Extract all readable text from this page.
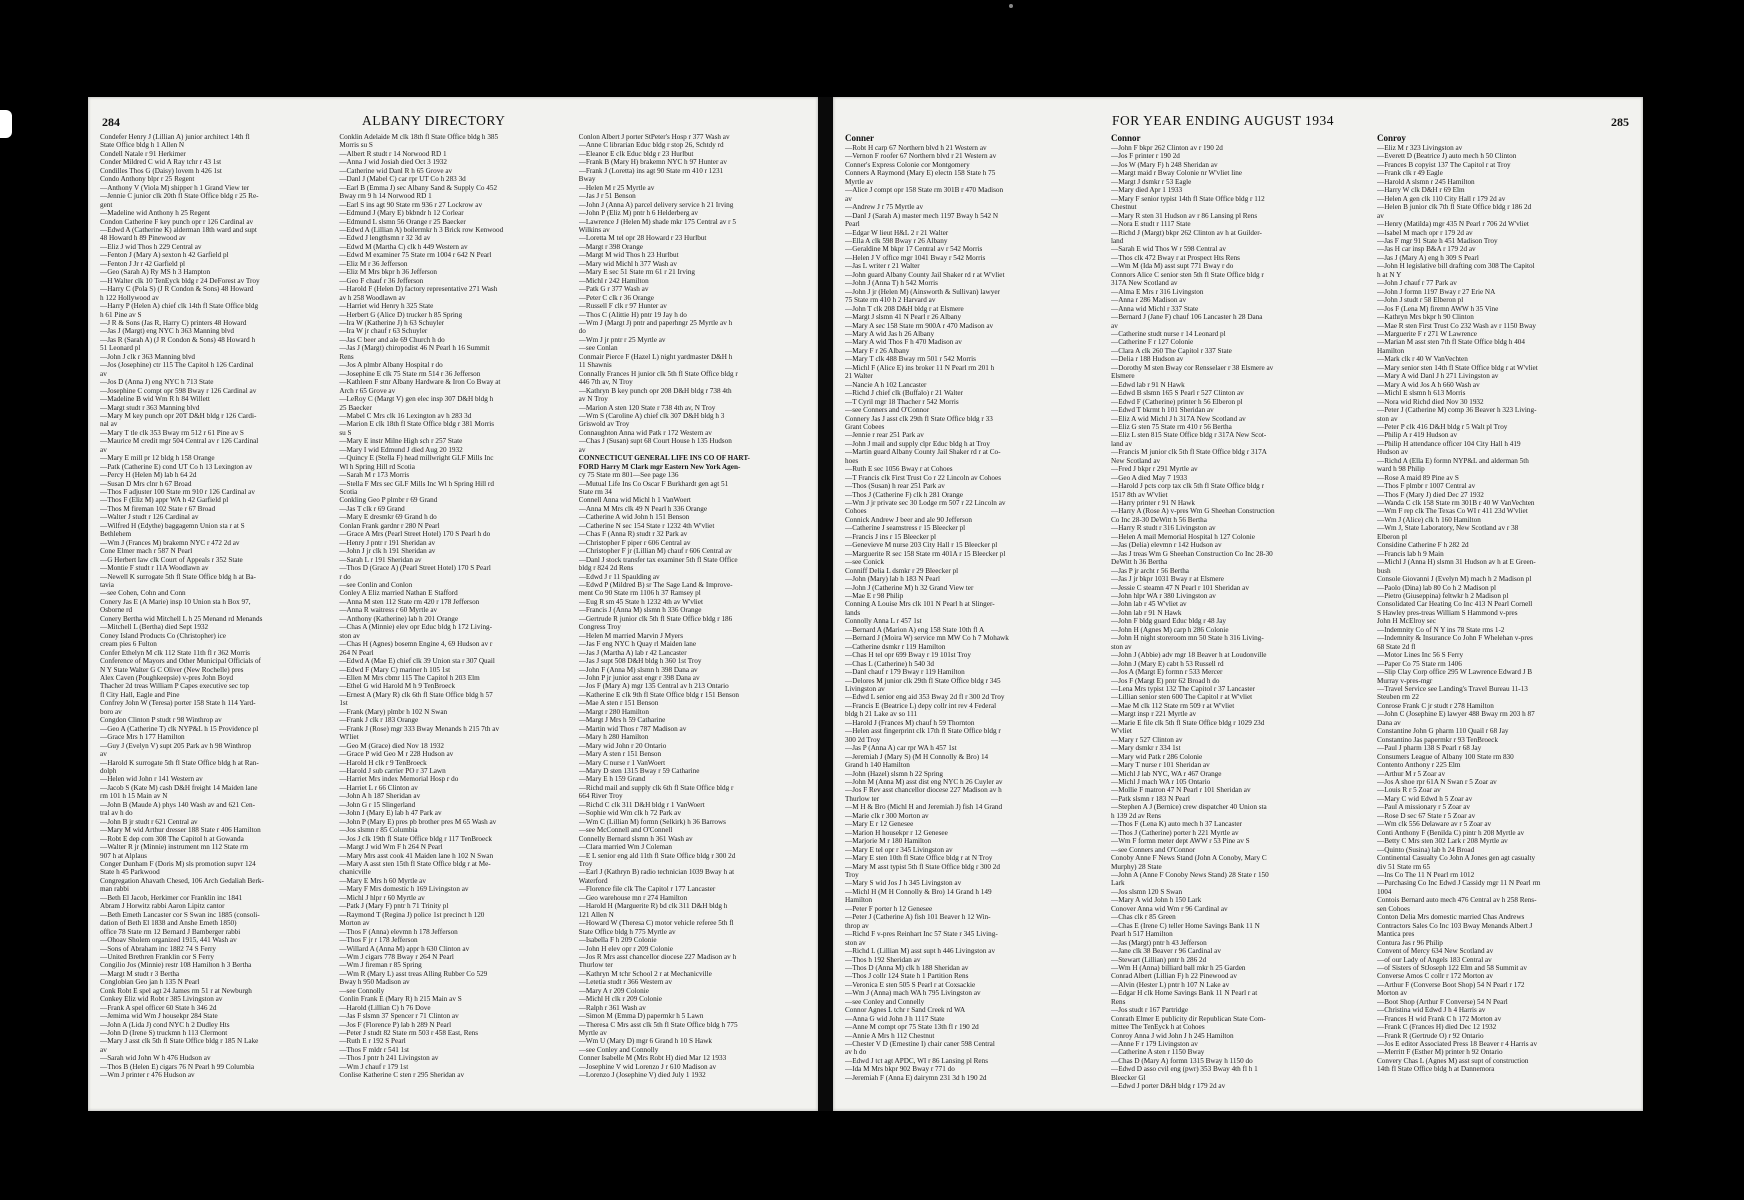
284	ALBANY DIRECTORY
Condefer Henry J (Lillian A) junior architect 14th fl
State Office bldg h 1 Allen N
Condell Natale r 91 Herkimer
Conder Mildred C wid A Ray tchr r 43 1st
Condilles Thos G (Daisy) lovem h 426 1st
Condo Anthony blpr r 25 Regent
—Anthony V (Viola M) shipper h 1 Grand View ter
—Jennie C junior clk 20th fl State Office bldg r 25 Re-
gent
—Madeline wid Anthony h 25 Regent
Condon Catherine F key punch opr r 126 Cardinal av
—Edwd A (Catherine K) alderman 18th ward and supt
48 Howard h 89 Pinewood av
—Eliz J wid Thos h 229 Central av
—Fenton J (Mary A) sexton h 42 Garfield pl
—Fenton J Jr r 42 Garfield pl
—Geo (Sarah A) Ry MS h 3 Hampton
—H Walter clk 10 TenEyck bldg r 24 DeForest av Troy
—Harry C (Pola S) (J R Condon & Sons) 48 Howard
h 122 Hollywood av
—Harry P (Helen A) chief clk 14th fl State Office bldg
h 61 Pine av S
—J R & Sons (Jas R, Harry C) printers 48 Howard
—Jas J (Margt) eng NYC h 363 Manning blvd
—Jas R (Sarah A) (J R Condon & Sons) 48 Howard h
51 Leonard pl
—John J clk r 363 Manning blvd
—Jos (Josephine) ctr 115 The Capitol h 126 Cardinal
av
—Jos D (Anna J) eng NYC h 713 State
—Josephine C compt opr 598 Bway r 126 Cardinal av
—Madeline B wid Wm R h 84 Willett
—Margt studt r 363 Manning blvd
—Mary M key punch opr 20T D&H bldg r 126 Cardi-
nal av
—Mary T tle clk 353 Bway rm 512 r 61 Pine av S
—Maurice M credit mgr 504 Central av r 126 Cardinal
av
—Mary E mill pr 12 bldg h 158 Orange
—Patk (Catherine E) cond UT Co h 13 Lexington av
—Percy H (Helen M) lab h 64 2d
—Susan D Mrs clnr h 67 Broad
—Thos F adjuster 100 State rm 910 r 126 Cardinal av
—Thos F (Eliz M) appr WA h 42 Garfield pl
—Thos M fireman 102 State r 67 Broad
—Walter J studt r 126 Cardinal av
—Wilfred H (Edythe) baggagemn Union sta r at S
Bethlehem
—Wm J (Frances M) brakemn NYC r 472 2d av
Cone Elmer mach r 587 N Pearl
—G Herbert law clk Court of Appeals r 352 State
—Montie F studt r 11A Woodlawn av
—Newell K surrogate 5th fl State Office bldg h at Ba-
tavia
—see Cohen, Cohn and Conn
Conery Jas E (A Marie) insp 10 Union sta h Box 97,
Osborne rd
Conery Bertha wid Mitchell L h 25 Menand rd Menands
—Mitchell L (Bertha) died Sept 1932
Coney Island Products Co (Christopher) ice
cream pies 6 Fulton
Confer Ethelyn M clk 112 State 11th fl r 362 Morris
Conference of Mayors and Other Municipal Officials of
N Y State Walter G C Oliver (New Rochelle) pres
Alex Caven (Poughkeepsie) v-pres John Boyd
Thacher 2d treas William P Capes executive sec top
fl City Hall, Eagle and Pine
Confrey John W (Teresa) porter 158 State h 114 Yard-
boro av
Congdon Clinton P studt r 98 Winthrop av
—Geo A (Catherine T) clk NYP&L h 15 Providence pl
—Grace Mrs h 177 Hamilton
—Guy J (Evelyn V) supt 205 Park av h 98 Winthrop
av
—Harold K surrogate 5th fl State Office bldg h at Ran-
dolph
—Helen wid John r 141 Western av
—Jacob S (Kate M) cash D&H freight 14 Maiden lane
rm 101 h 15 Main av N
—John B (Maude A) phys 140 Wash av and 621 Cen-
tral av h do
—John B jr studt r 621 Central av
—Mary M wid Arthur dresser 188 State r 406 Hamilton
—Robt E dep com 308 The Capitol h at Gowanda
—Walter R jr (Minnie) instrument mn 112 State rm
907 h at Alplaus
Conger Dunham F (Doris M) sls promotion supvr 124
State h 45 Parkwood
Congregation Ahavath Chesed, 106 Arch Gedaliah Berk-
man rabbi
—Beth El Jacob, Herkimer cor Franklin inc 1841
Abram J Horwitz rabbi Aaron Lipitz cantor
—Beth Emeth Lancaster cor S Swan inc 1885 (consoli-
dation of Beth El 1838 and Anshe Emeth 1850)
office 78 State rm 12 Bernard J Bamberger rabbi
—Ohoav Sholem organized 1915, 441 Wash av
—Sons of Abraham inc 1882 74 S Ferry
—United Brethren Franklin cor S Ferry
Congilio Jos (Minnie) restr 108 Hamilton h 3 Bertha
—Margt M studt r 3 Bertha
Conglobian Geo jan h 135 N Pearl
Conk Robt E spel agt 24 James rm 51 r at Newburgh
Conkey Eliz wid Robt r 385 Livingston av
—Frank A spel officer 60 State h 346 2d
—Jemima wid Wm J housekpr 284 State
—John A (Lida J) cond NYC h 2 Dudley Hts
—John D (Irene S) truckmn h 113 Clermont
—Mary J asst clk 5th fl State Office bldg r 185 N Lake
av
—Sarah wid John W h 476 Hudson av
—Thos B (Helen E) cigars 76 N Pearl h 99 Columbia
—Wm J printer r 476 Hudson av
Conklin Adelaide M clk 18th fl State Office bldg h 385
Morris su S
—Albert R studt r 14 Norwood RD 1
—Anna J wid Josiah died Oct 3 1932
—Catherine wid Danl R h 65 Grove av
—Danl J (Mabel C) car rpr UT Co h 283 3d
—Earl B (Emma J) sec Albany Sand & Supply Co 452
Bway rm 9 h 14 Norwood RD 1
—Earl S ins agt 90 State rm 936 r 27 Lockrow av
—Edmund J (Mary E) bkbndr h 12 Corlear
—Edmund L slsmn 56 Orange r 25 Baecker
—Edwd A (Lillian A) boilermkr h 3 Brick row Kenwood
—Edwd J lengthsmn r 32 3d av
—Edwd M (Martha C) clk h 449 Western av
—Edwd M examiner 75 State rm 1004 r 642 N Pearl
—Eliz M r 36 Jefferson
—Eliz M Mrs bkpr h 36 Jefferson
—Geo F chauf r 36 Jefferson
—Harold F (Helen D) factory representative 271 Wash
av h 258 Woodlawn av
—Harriet wid Henry h 325 State
—Herbert G (Alice D) trucker h 85 Spring
—Ira W (Katherine J) h 63 Schuyler
—Ira W jr chauf r 63 Schuyler
—Jas C beer and ale 69 Church h do
—Jas J (Margt) chiropodist 46 N Pearl h 16 Summit
Rens
—Jos A plmbr Albany Hospital r do
—Josephine E clk 75 State rm 514 r 36 Jefferson
—Kathleen F stnr Albany Hardware & Iron Co Bway at
Arch r 65 Grove av
—LeRoy C (Margt V) gen elec insp 307 D&H bldg h
25 Baecker
—Mabel C Mrs clk 16 Lexington av h 283 3d
—Marion E clk 18th fl State Office bldg r 381 Morris
su S
—Mary E instr Milne High sch r 257 State
—Mary I wid Edmund J died Aug 20 1932
—Quincy E (Stella F) head millwright GLF Mills Inc
Wl h Spring Hill rd Scotia
—Sarah M r 173 Morris
—Stella F Mrs sec GLF Mills Inc Wl h Spring Hill rd
Scotia
Conkling Geo P plmbr r 69 Grand
—Jas T clk r 69 Grand
—Mary E dresmkr 69 Grand h do
Conlan Frank gardnr r 280 N Pearl
—Grace A Mrs (Pearl Street Hotel) 170 S Pearl h do
—Henry J pntr r 191 Sheridan av
—John J jr clk h 191 Sheridan av
—Sarah L r 191 Sheridan av
—Thos D (Grace A) (Pearl Street Hotel) 170 S Pearl
r do
—see Conlin and Conlon
Conley A Eliz married Nathan E Stafford
—Anna M sten 112 State rm 420 r 178 Jefferson
—Anna R waitress r 60 Myrtle av
—Anthony (Katherine) lab h 201 Orange
—Chas A (Minnie) elev opr Educ bldg h 172 Living-
ston av
—Chas H (Agnes) bosemn Engine 4, 69 Hudson av r
264 N Pearl
—Edwd A (Mae E) chief clk 39 Union sta r 307 Quail
—Edwd F (Mary C) mariner h 105 1st
—Ellen M Mrs cbmr 115 The Capitol h 203 Elm
—Ethel G wid Harold M h 9 TenBroeck
—Ernest A (Mary R) clk 6th fl State Office bldg h 57
1st
—Frank (Mary) plmbr h 102 N Swan
—Frank J clk r 183 Orange
—Frank J (Rose) mgr 333 Bway Menands h 215 7th av
Wl'liet
—Geo M (Grace) died Nov 18 1932
—Grace P wid Geo M r 228 Hudson av
—Harold H clk r 9 TenBroeck
—Harold J sub carrier PO r 37 Lawn
—Harriet Mrs index Memorial Hosp r do
—Harriet L r 66 Clinton av
—John A h 187 Sheridan av
—John G r 15 Slingerland
—John J (Mary E) lab h 47 Park av
—John P (Mary E) pres pb brother pres M 65 Wash av
—Jos slsmn r 85 Columbia
—Jos J clk 19th fl State Office bldg r 117 TenBroeck
—Margt J wid Wm F h 264 N Pearl
—Mary Mrs asst cook 41 Maiden lane h 102 N Swan
—Mary A asst sten 15th fl State Office bldg r at Me-
chanicville
—Mary E Mrs h 60 Myrtle av
—Mary F Mrs domestic h 169 Livingston av
—Michl J hlpr r 60 Myrtle av
—Patk J (Mary F) pntr h 71 Trinity pl
—Raymond T (Regina J) police 1st precinct h 120
Morton av
—Thos F (Anna) elevmn h 178 Jefferson
—Thos F jr r 178 Jefferson
—Willard A (Anna M) appr h 630 Clinton av
—Wm J cigars 778 Bway r 264 N Pearl
—Wm J fireman r 85 Spring
—Wm R (Mary L) asst treas Alling Rubber Co 529
Bway h 950 Madison av
—see Connolly
Conlin Frank E (Mary R) h 215 Main av S
—Harold (Lillian C) h 76 Dove
—Jas F slsmn 37 Spencer r 71 Clinton av
—Jos F (Florence P) lab h 289 N Pearl
—Peter J studt 82 State rm 503 r 458 East, Rens
—Ruth E r 192 S Pearl
—Thos F mldr r 541 1st
—Thos J pntr h 241 Livingston av
—Wm J chauf r 179 1st
Conlise Katherine C sten r 295 Sheridan av
Conlon Albert J porter StPeter's Hosp r 377 Wash av
—Anne C librarian Educ bldg r stop 26, Schtdy rd
—Eleanor E clk Educ bldg r 23 Hurlbut
—Frank B (Mary H) brakemn NYC h 97 Hunter av
—Frank J (Loretta) ins agt 90 State rm 410 r 1231
Bway
—Helen M r 25 Myrtle av
—Jas J r 51 Benson
—John J (Anna A) parcel delivery service h 21 Irving
—John P (Eliz M) pntr h 6 Helderberg av
—Lawrence J (Helen M) shade mkr 175 Central av r 5
Wilkins av
—Loretta M tel opr 28 Howard r 23 Hurlbut
—Margt r 398 Orange
—Margt M wid Thos h 23 Hurlbut
—Mary wid Michl h 377 Wash av
—Mary E sec 51 State rm 61 r 21 Irving
—Michl r 242 Hamilton
—Patk G r 377 Wash av
—Peter C clk r 36 Orange
—Russell F clk r 97 Hunter av
—Thos C (Alittie H) pntr 19 Jay h do
—Wm J (Margt J) pntr and paperhngr 25 Myrtle av h
do
—Wm J jr pntr r 25 Myrtle av
—see Conlan
Conmair Pierce F (Hazel L) night yardmaster D&H h
11 Shawnis
Connally Frances H junior clk 5th fl State Office bldg r
446 7th av, N Troy
—Kathryn B key punch opr 208 D&H bldg r 738 4th
av N Troy
—Marion A sten 120 State r 738 4th av, N Troy
—Wm S (Caroline A) chief clk 307 D&H bldg h 3
Griswold av Troy
Connaughton Anna wid Patk r 172 Western av
—Chas J (Susan) supt 68 Court House h 135 Hudson
av
CONNECTICUT GENERAL LIFE INS CO OF HART-
FORD Harry M Clark mgr Eastern New York Agen-
cy 75 State rm 801—See page 136
—Mutual Life Ins Co Oscar F Burkhardt gen agt 51
State rm 34
Connell Anna wid Michl h 1 VanWoert
—Anna M Mrs clk 49 N Pearl h 336 Orange
—Catherine A wid John h 151 Benson
—Catherine N sec 154 State r 1232 4th W'vliet
—Chas F (Anna R) studt r 32 Park av
—Christopher F piper r 606 Central av
—Christopher F jr (Lillian M) chauf r 606 Central av
—Danl J stock transfer tax examiner 5th fl State Office
bldg r 824 2d Rens
—Edwd J r 11 Spaulding av
—Edwd P (Mildred B) sr The Sage Land & Improve-
ment Co 90 State rm 1106 h 37 Ramsey pl
—Eug R sm 45 State h 1232 4th av W'vliet
—Francis J (Anna M) slsmn h 336 Orange
—Gertrude R junior clk 5th fl State Office bldg r 186
Congress Troy
—Helen M married Marvin J Myers
—Jas F eng NYC h Quay rl Maiden lane
—Jas J (Martha A) lab r 42 Lancaster
—Jas J supt 508 D&H bldg h 360 1st Troy
—John F (Anna M) slsmn h 398 Dana av
—John P jr junior asst engr r 398 Dana av
—Jos F (Mary A) mgr 135 Central av h 213 Ontario
—Katherine E clk 9th fl State Office bldg r 151 Benson
—Mae A sten r 151 Benson
—Margt r 280 Hamilton
—Margt J Mrs h 59 Catharine
—Martin wid Thos r 787 Madison av
—Mary h 280 Hamilton
—Mary wid John r 20 Ontario
—Mary A sten r 151 Benson
—Mary C nurse r 1 VanWoert
—Mary D sten 1315 Bway r 59 Catharine
—Mary E h 159 Grand
—Richd mail and supply clk 6th fl State Office bldg r
664 River Troy
—Richd C clk 311 D&H bldg r 1 VanWoert
—Sophie wid Wm clk h 72 Park av
—Wm C (Lillian M) formn (Selkirk) h 36 Barrows
—see McConnell and O'Connell
Connelly Bernard slsmn h 361 Wash av
—Clara married Wm J Coleman
—E L senior eng ald 11th fl State Office bldg r 300 2d
Troy
—Earl J (Kathryn B) radio technician 1039 Bway h at
Waterford
—Florence file clk The Capitol r 177 Lancaster
—Geo warehouse mn r 274 Hamilton
—Harold H (Marguerite R) bd clk 311 D&H bldg h
121 Allen N
—Howard W (Theresa C) motor vehicle referee 5th fl
State Office bldg h 775 Myrtle av
—Isabella F h 209 Colonie
—John H elev opr r 209 Colonie
—Jos R Mrs asst chancellor diocese 227 Madison av h
Thurlow ter
—Kathryn M tchr School 2 r at Mechanicville
—Letetia studt r 366 Western av
—Mary A r 209 Colonie
—Michl H clk r 209 Colonie
—Ralph r 361 Wash av
—Simon M (Emma D) papermkr h 5 Lawn
—Theresa C Mrs asst clk 5th fl State Office bldg h 775
Myrtle av
—Wm U (Mary D) mgr 6 Grand h 10 S Hawk
—see Conley and Connolly
Conner Isabelle M (Mrs Robt H) died Mar 12 1933
—Josephine V wid Lorenzo J r 610 Madison av
—Lorenzo J (Josephine V) died July 1 1932
FOR YEAR ENDING AUGUST 1934	285
Conner
—Robt H carp 67 Northern blvd h 21 Western av
—Vernon F roofer 67 Northern blvd r 21 Western av
Conner's Express Colonie cor Montgomery
Conners A Raymond (Mary E) electn 158 State h 75
Myrtle av
—Alice J compt opr 158 State rm 301B r 470 Madison
av
—Andrew J r 75 Myrtle av
—Danl J (Sarah A) master mech 1197 Bway h 542 N
Pearl
—Edgar W lieut H&L 2 r 21 Walter
—Ella A clk 598 Bway r 26 Albany
—Geraldine M bkpr 17 Central av r 542 Morris
—Helen J V office mgr 1041 Bway r 542 Morris
—Jas L writer r 21 Walter
—John guard Albany County Jail Shaker rd r at W'vliet
—John J (Anna T) h 542 Morris
—John J jr (Helen M) (Ainsworth & Sullivan) lawyer
75 State rm 410 h 2 Harvard av
—John T clk 208 D&H bldg r at Elsmere
—Margt J slsmn 41 N Pearl r 26 Albany
—Mary A sec 158 State rm 900A r 470 Madison av
—Mary A wid Jas h 26 Albany
—Mary A wid Thos F h 470 Madison av
—Mary F r 26 Albany
—Mary T clk 488 Bway rm 501 r 542 Morris
—Michl F (Alice E) ins broker 11 N Pearl rm 201 h
21 Walter
—Nancie A h 102 Lancaster
—Richd J chief clk (Buffalo) r 21 Walter
—T Cyril mgr 18 Thacher r 542 Morris
—see Conners and O'Connor
Connery Jas J asst clk 29th fl State Office bldg r 33
Grant Cobees
—Jennie r rear 251 Park av
—John J mail and supply clpr Educ bldg h at Troy
—Martin guard Albany County Jail Shaker rd r at Co-
hoes
—Ruth E sec 1056 Bway r at Cohoes
—T Francis clk First Trust Co r 22 Lincoln av Cohoes
—Thos (Susan) h rear 251 Park av
—Thos J (Catherine F) clk h 281 Orange
—Wm J jr private sec 30 Lodge rm 507 r 22 Lincoln av
Cohoes
Connick Andrew J beer and ale 90 Jefferson
—Catherine J seamstress r 15 Bleecker pl
—Francis J ins r 15 Bleecker pl
—Genevieve M nurse 203 City Hall r 15 Bleecker pl
—Marguerite R sec 158 State rm 401A r 15 Bleecker pl
—see Conick
Conniff Delia L dsmkr r 29 Bleecker pl
—John (Mary) lab h 183 N Pearl
—John J (Catherine M) h 32 Grand View ter
—Mae E r 98 Philip
Conning A Louise Mrs clk 101 N Pearl h at Slinger-
lands
Connolly Anna L r 457 1st
—Bernard A (Marion A) eng 158 State 10th fl A
—Bernard J (Moira W) service mn MW Co h 7 Mohawk
—Catherine dsmkr r 119 Hamilton
—Chas H tel opr 699 Bway r 19 101st Troy
—Chas L (Catherine) h 540 3d
—Danl chauf r 179 Bway r 119 Hamilton
—Delores M junior clk 29th fl State Office bldg r 345
Livingston av
—Edwd L senior eng aid 353 Bway 2d fl r 300 2d Troy
—Francis E (Beatrice L) depy collr int rev 4 Federal
bldg h 21 Lake av so 111
—Harold J (Frances M) chauf h 59 Thornton
—Helen asst fingerprint clk 17th fl State Office bldg r
300 2d Troy
—Jas P (Anna A) car rpr WA h 457 1st
—Jeremiah J (Mary S) (M H Connolly & Bro) 14
Grand h 140 Hamilton
—John (Hazel) slsmn h 22 Spring
—John M (Anna M) asst dist eng NYC h 26 Cuyler av
—Jos F Rev asst chancellor diocese 227 Madison av h
Thurlow ter
—M H & Bro (Michl H and Jeremiah J) fish 14 Grand
—Marie clk r 300 Morton av
—Mary E r 12 Genesee
—Marion H housekpr r 12 Genesee
—Marjorie M r 180 Hamilton
—Mary E tel opr r 345 Livingston av
—Mary E sten 10th fl State Office bldg r at N Troy
—Mary M asst typist 5th fl State Office bldg r 300 2d
Troy
—Mary S wid Jos J h 345 Livingston av
—Michl H (M H Connolly & Bro) 14 Grand h 149
Hamilton
—Peter F porter h 12 Genesee
—Peter J (Catherine A) fish 101 Beaver h 12 Win-
throp av
—Richd F v-pres Reinhart Inc 57 State r 345 Living-
ston av
—Richd L (Lillian M) asst supt h 446 Livingston av
—Thos h 192 Sheridan av
—Thos D (Anna M) clk h 188 Sheridan av
—Thos J collr 124 State h 1 Partition Rens
—Veronica E sten 505 S Pearl r at Coxsackie
—Wm J (Anna) mach WA h 795 Livingston av
—see Conley and Connelly
Connor Agnes L tchr r Sand Creek rd WA
—Anna G wid John J h 1117 State
—Anne M compt opr 75 State 13th fl r 190 2d
—Annie A Mrs h 112 Chestnut
—Chester V D (Ernestine I) chair caner 598 Central
av h do
—Edwd J tct agt APDC, WI r 86 Lansing pl Rens
—Ida M Mrs bkpr 902 Bway r 771 do
—Jeremiah F (Anna E) dairymn 231 3d h 190 2d
Connor
—John F bkpr 262 Clinton av r 190 2d
—Jos F printer r 190 2d
—Jos W (Mary F) h 248 Sheridan av
—Margt maid r Bway Colonie nr W'vliet line
—Margt J dsmkr r 53 Eagle
—Mary died Apr 1 1933
—Mary F senior typist 14th fl State Office bldg r 112
Chestnut
—Mary R sten 31 Hudson av r 86 Lansing pl Rens
—Nora E studt r 1117 State
—Richd J (Margt) bkpr 262 Clinton av h at Guilder-
land
—Sarah E wid Thos W r 598 Central av
—Thos clk 472 Bway r at Prospect Hts Rens
—Wm M (Ida M) asst supt 771 Bway r do
Connors Alice C senior sten 5th fl State Office bldg r
317A New Scotland av
—Alma E Mrs r 316 Livingston
—Anna r 286 Madison av
—Anna wid Michl r 337 State
—Bernard J (Jane F) chauf 106 Lancaster h 28 Dana
av
—Catherine studt nurse r 14 Leonard pl
—Catherine F r 127 Colonie
—Clara A clk 260 The Capitol r 337 State
—Delia r 188 Hudson av
—Dorothy M sten Bway cor Rensselaer r 38 Elsmere av
Elsmere
—Edwd lab r 91 N Hawk
—Edwd B slsmn 165 S Pearl r 527 Clinton av
—Edwd F (Catherine) printer h 56 Elberon pl
—Edwd T bkrmt h 101 Sheridan av
—Eliz A wid Michl J h 317A New Scotland av
—Eliz G sten 75 State rm 410 r 56 Bertha
—Eliz L sten 815 State Office bldg r 317A New Scot-
land av
—Francis M junior clk 5th fl State Office bldg r 317A
New Scotland av
—Fred J bkpr r 291 Myrtle av
—Geo A died May 7 1933
—Harold J pcts corp tax clk 5th fl State Office bldg r
1517 8th av W'vliet
—Harry printer r 91 N Hawk
—Harry A (Rose A) v-pres Wm G Sheehan Construction
Co Inc 28-30 DeWitt h 56 Bertha
—Harry R studt r 316 Livingston av
—Helen A mail Memorial Hospital h 127 Colonie
—Jas (Delia) elevmn r 142 Hudson av
—Jas J treas Wm G Sheehan Construction Co Inc 28-30
DeWitt h 36 Bertha
—Jas P jr archt r 56 Bertha
—Jas J jr bkpr 1031 Bway r at Elsmere
—Jessie C steamn 47 N Pearl r 101 Sheridan av
—John hlpr WA r 380 Livingston av
—John lab r 45 W'vliet av
—John lab r 91 N Hawk
—John F bldg guard Educ bldg r 48 Jay
—John H (Agnes M) carp h 286 Colonie
—John H night storeroom mn 50 State h 316 Living-
ston av
—John J (Abbie) adv mgr 18 Beaver h at Loudonville
—John J (Mary E) cabt h 53 Russell rd
—Jos A (Margt E) formn r 533 Mercer
—Jos F (Margt E) pntr 62 Broad h do
—Lena Mrs typist 132 The Capitol r 37 Lancaster
—Lillian senior sten 600 The Capitol r at W'vliet
—Mae M clk 112 State rm 509 r at W'vliet
—Margt insp r 221 Myrtle av
—Marie E file clk 5th fl State Office bldg r 1029 23d
W'vliet
—Mary r 527 Clinton av
—Mary dsmkr r 334 1st
—Mary wid Patk r 286 Colonie
—Mary T nurse r 101 Sheridan av
—Michl J lab NYC, WA r 467 Orange
—Michl J mach WA r 105 Ontario
—Mollie F matron 47 N Pearl r 101 Sheridan av
—Patk slsmn r 183 N Pearl
—Stephen A J (Bernice) crew dispatcher 40 Union sta
h 139 2d av Rens
—Thos F (Lena K) auto mech h 37 Lancaster
—Thos J (Catherine) porter h 221 Myrtle av
—Wm F formn meter dept AWW r 53 Pine av S
—see Conners and O'Connor
Conoby Anne F News Stand (John A Conoby, Mary C
Murphy) 28 State
—John A (Anne F Conoby News Stand) 28 State r 150
Lark
—Jos slsmn 120 S Swan
—Mary A wid John h 150 Lark
Conover Anna wid Wm r 96 Cardinal av
—Chas clk r 85 Green
—Chas E (Irene C) teller Home Savings Bank 11 N
Pearl h 517 Hamilton
—Jas (Margt) pntr h 43 Jefferson
—Jane clk 38 Beaver r 96 Cardinal av
—Stewart (Lillian) pntr h 286 2d
—Wm H (Anna) billiard ball mkr h 25 Garden
Conrad Albert (Lillian F) h 22 Pinewood av
—Alvin (Hester L) pntr h 107 N Lake av
—Edgar H clk Home Savings Bank 11 N Pearl r at
Rens
—Jos studt r 167 Partridge
Conrath Elmer E publicity dir Republican State Com-
mittee The TenEyck h at Cohoes
Conroy Anna J wid John J h 245 Hamilton
—Anne F r 179 Livingston av
—Catherine A sten r 1150 Bway
—Chas D (Mary A) formn 1315 Bway h 1150 do
—Edwd D asso cvil eng (pwr) 353 Bway 4th fl h 1
Bleecker Gl
—Edwd J porter D&H bldg r 179 2d av
Conroy
—Eliz M r 323 Livingston av
—Everett D (Beatrice J) auto mech h 50 Clinton
—Frances B copyist 137 The Capitol r at Troy
—Frank clk r 49 Eagle
—Harold A slsmn r 245 Hamilton
—Harry W clk D&H r 69 Elm
—Helen A gen clk 110 City Hall r 179 2d av
—Helen B junior clk 7th fl State Office bldg r 186 2d
av
—Henry (Matilda) mgr 435 N Pearl r 706 2d W'vliet
—Isabel M mach opr r 179 2d av
—Jas F mgr 91 State h 451 Madison Troy
—Jas H car insp B&A r 179 2d av
—Jas J (Mary A) eng h 309 S Pearl
—John H legislative bill drafting com 308 The Capitol
h at N Y
—John J chauf r 77 Park av
—John J formn 1197 Bway r 27 Erie NA
—John J studt r 58 Elberon pl
—Jos F (Lena M) firemn AWW h 35 Vine
—Kathryn Mrs bkpr h 90 Clinton
—Mae R sten First Trust Co 232 Wash av r 1150 Bway
—Marguerite F r 271 W Lawrence
—Marian M asst sten 7th fl State Office bldg h 404
Hamilton
—Mark clk r 40 W VanVechten
—Mary senior sten 14th fl State Office bldg r at W'vliet
—Mary A wid Danl J h 271 Livingston av
—Mary A wid Jos A h 660 Wash av
—Michl E slsmn h 613 Morris
—Nora wid Richd died Nov 30 1932
—Peter J (Catherine M) comp 36 Beaver h 323 Living-
ston av
—Peter P clk 416 D&H bldg r 5 Walt pl Troy
—Philip A r 419 Hudson av
—Philip H attendance officer 104 City Hall h 419
Hudson av
—Richd A (Ella E) formn NYP&L and alderman 5th
ward h 98 Philip
—Rose A maid 89 Pine av S
—Thos F plmbr r 1007 Central av
—Thos F (Mary J) died Dec 27 1932
—Wanda C clk 158 State rm 301B r 40 W VanVechten
—Wm F rep clk The Texas Co WI r 411 23d W'vliet
—Wm J (Alice) clk h 160 Hamilton
—Wm J, State Laboratory, New Scotland av r 38
Elberon pl
Considine Catherine F h 282 2d
—Francis lab h 9 Main
—Michl J (Anna H) slsmn 31 Hudson av h at E Green-
bush
Console Giovanni J (Evelyn M) mach h 2 Madison pl
—Paolo (Dina) lab 80 Co h 2 Madison pl
—Pietro (Giuseppina) feltwkr h 2 Madison pl
Consolidated Car Heating Co Inc 413 N Pearl Cornell
S Hawley pres-treas William S Hammond v-pres
John H McElroy sec
—Indemnity Co of N Y ins 78 State rms 1-2
—Indemnity & Insurance Co John F Whelehan v-pres
68 State 2d fl
—Motor Lines Inc 56 S Ferry
—Paper Co 75 State rm 1406
—Slip Clay Corp office 295 W Lawrence Edward J B
Murray v-pres-mgr
—Travel Service see Landing's Travel Bureau 11-13
Steuben rm 22
Conrose Frank C jr studt r 278 Hamilton
—John C (Josephine E) lawyer 488 Bway rm 203 h 87
Dana av
Constantine John G pharm 110 Quail r 68 Jay
Constantino Jas papermkr r 93 TenBroeck
—Paul J pharm 138 S Pearl r 68 Jay
Consumers League of Albany 100 State rm 830
Contento Anthony r 225 Elm
—Arthur M r 5 Zoar av
—Jos A shoe rpr 61A N Swan r 5 Zoar av
—Louis R r 5 Zoar av
—Mary C wid Edwd h 5 Zoar av
—Paul A missionary r 5 Zoar av
—Rose D sec 67 State r 5 Zoar av
—Wm clk 556 Delaware av r 5 Zoar av
Conti Anthony F (Benilda C) pintr h 208 Myrtle av
—Betty C Mrs sten 302 Lark r 208 Myrtle av
—Quinto (Susina) lab h 24 Broad
Continental Casualty Co John A Jones gen agt casualty
div 51 State rm 65
—Ins Co The 11 N Pearl rm 1012
—Purchasing Co Inc Edwd J Cassidy mgr 11 N Pearl rm
1004
Contois Bernard auto mech 476 Central av h 258 Rens-
sen Cohoes
Conton Delia Mrs domestic married Chas Andrews
Contractors Sales Co Inc 103 Bway Menands Albert J
Mantica pres
Contura Jas r 96 Philip
Convent of Mercy 634 New Scotland av
—of our Lady of Angels 183 Central av
—of Sisters of StJoseph 122 Elm and 58 Summit av
Converse Amos C collr r 172 Morton av
—Arthur F (Converse Boot Shop) 54 N Pearl r 172
Morton av
—Boot Shop (Arthur F Converse) 54 N Pearl
—Christina wid Edwd J h 4 Harris av
—Frances H wid Frank C h 172 Morton av
—Frank C (Frances H) died Dec 12 1932
—Frank R (Gertrude O) r 92 Ontario
—Jos E editor Associated Press 18 Beaver r 4 Harris av
—Merritt F (Esther M) printer h 92 Ontario
Convery Chas L (Agnes M) asst supt of construction
14th fl State Office bldg h at Dannemora
